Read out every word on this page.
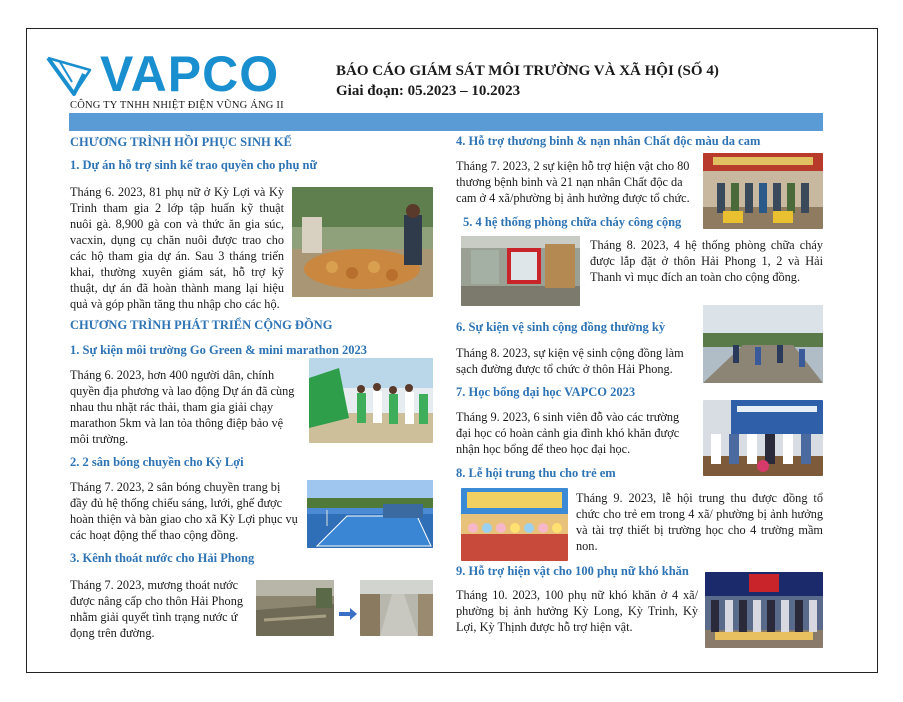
VAPCO
CÔNG TY TNHH NHIỆT ĐIỆN VŨNG ÁNG II
BÁO CÁO GIÁM SÁT MÔI TRƯỜNG VÀ XÃ HỘI (SỐ 4)
Giai đoạn: 05.2023 – 10.2023
CHƯƠNG TRÌNH HỒI PHỤC SINH KẾ
1. Dự án hỗ trợ sinh kế trao quyền cho phụ nữ
Tháng 6. 2023, 81 phụ nữ ở Kỳ Lợi và Kỳ Trinh tham gia 2 lớp tập huấn kỹ thuật nuôi gà. 8,900 gà con và thức ăn gia súc, vacxin, dụng cụ chăn nuôi được trao cho các hộ tham gia dự án. Sau 3 tháng triển khai, thường xuyên giám sát, hỗ trợ kỹ thuật, dự án đã hoàn thành mang lại hiệu quả và góp phần tăng thu nhập cho các hộ.
CHƯƠNG TRÌNH PHÁT TRIỂN CỘNG ĐỒNG
1. Sự kiện môi trường Go Green & mini marathon 2023
Tháng 6. 2023, hơn 400 người dân, chính quyền địa phương và lao động Dự án đã cùng nhau thu nhặt rác thải, tham gia giải chạy marathon 5km và lan tỏa thông điệp bảo vệ môi trường.
2. 2 sân bóng chuyền cho Kỳ Lợi
Tháng 7. 2023, 2 sân bóng chuyền trang bị đầy đủ hệ thống chiếu sáng, lưới, ghế được hoàn thiện và bàn giao cho xã Kỳ Lợi phục vụ các hoạt động thể thao cộng đồng.
3. Kênh thoát nước cho Hải Phong
Tháng 7. 2023, mương thoát nước được nâng cấp cho thôn Hải Phong nhằm giải quyết tình trạng nước ứ đọng trên đường.
4. Hỗ trợ thương binh & nạn nhân Chất độc màu da cam
Tháng 7. 2023, 2 sự kiện hỗ trợ hiện vật cho 80 thương bệnh binh và 21 nạn nhân Chất độc da cam ở 4 xã/phường bị ảnh hưởng được tổ chức.
5. 4 hệ thống phòng chữa cháy công cộng
Tháng 8. 2023, 4 hệ thống phòng chữa cháy được lắp đặt ở thôn Hải Phong 1, 2 và Hải Thanh vì mục đích an toàn cho cộng đồng.
6. Sự kiện vệ sinh cộng đồng thường kỳ
Tháng 8. 2023, sự kiện vệ sinh cộng đồng làm sạch đường được tổ chức ở thôn Hải Phong.
7. Học bổng đại học VAPCO 2023
Tháng 9. 2023, 6 sinh viên đỗ vào các trường đại học có hoàn cảnh gia đình khó khăn được nhận học bổng để theo học đại học.
8. Lễ hội trung thu cho trẻ em
Tháng 9. 2023, lễ hội trung thu được đồng tổ chức cho trẻ em trong 4 xã/ phường bị ảnh hưởng và tài trợ thiết bị trường học cho 4 trường mầm non.
9. Hỗ trợ hiện vật cho 100 phụ nữ khó khăn
Tháng 10. 2023, 100 phụ nữ khó khăn ở 4 xã/ phường bị ảnh hưởng Kỳ Long, Kỳ Trinh, Kỳ Lợi, Kỳ Thịnh được hỗ trợ hiện vật.
